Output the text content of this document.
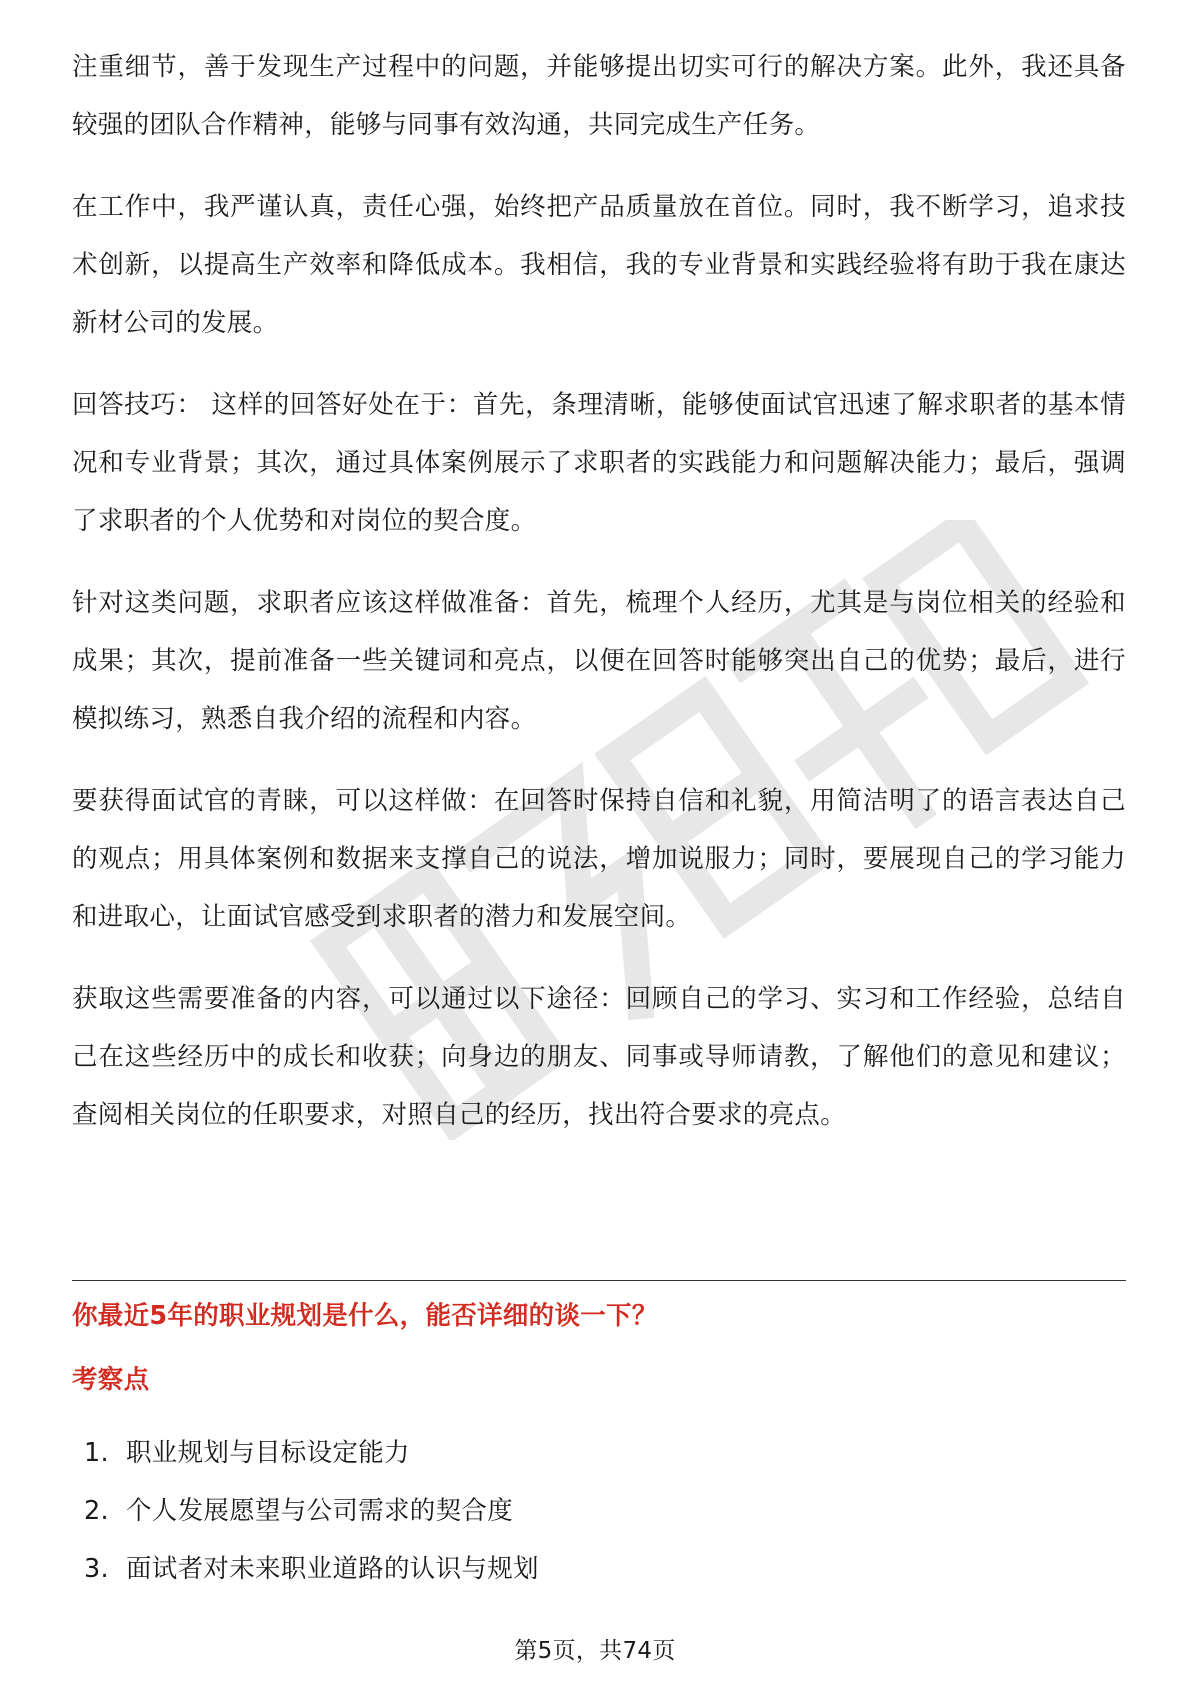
注重细节，善于发现生产过程中的问题，并能够提出切实可行的解决方案。此外，我还具备较强的团队合作精神，能够与同事有效沟通，共同完成生产任务。

在工作中，我严谨认真，责任心强，始终把产品质量放在首位。同时，我不断学习，追求技术创新，以提高生产效率和降低成本。我相信，我的专业背景和实践经验将有助于我在康达新材公司的发展。

回答技巧： 这样的回答好处在于：首先，条理清晰，能够使面试官迅速了解求职者的基本情况和专业背景；其次，通过具体案例展示了求职者的实践能力和问题解决能力；最后，强调了求职者的个人优势和对岗位的契合度。

针对这类问题，求职者应该这样做准备：首先，梳理个人经历，尤其是与岗位相关的经验和成果；其次，提前准备一些关键词和亮点，以便在回答时能够突出自己的优势；最后，进行模拟练习，熟悉自我介绍的流程和内容。

要获得面试官的青睐，可以这样做：在回答时保持自信和礼貌，用简洁明了的语言表达自己的观点；用具体案例和数据来支撑自己的说法，增加说服力；同时，要展现自己的学习能力和进取心，让面试官感受到求职者的潜力和发展空间。

获取这些需要准备的内容，可以通过以下途径：回顾自己的学习、实习和工作经验，总结自己在这些经历中的成长和收获；向身边的朋友、同事或导师请教，了解他们的意见和建议；查阅相关岗位的任职要求，对照自己的经历，找出符合要求的亮点。

你最近5年的职业规划是什么，能否详细的谈一下？
考察点
1. 职业规划与目标设定能力
2. 个人发展愿望与公司需求的契合度
3. 面试者对未来职业道路的认识与规划
第5页，共74页
